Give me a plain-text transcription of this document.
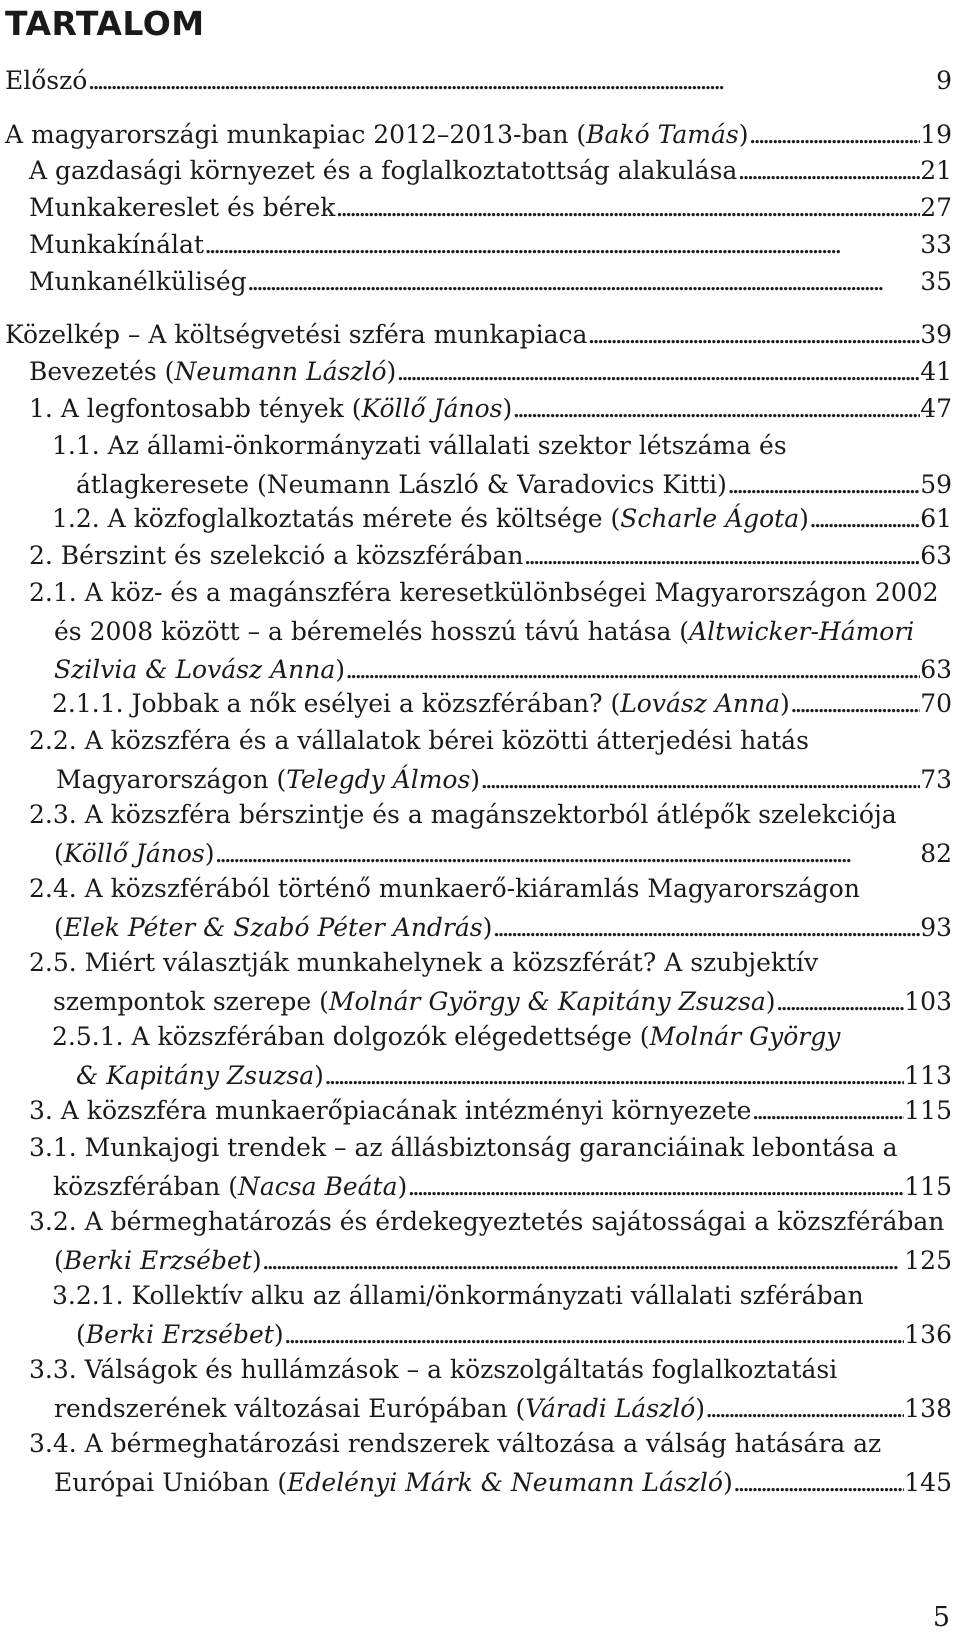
TARTALOM
Előszó . . .	9
A magyarországi munkapiac 2012–2013-ban (Bakó Tamás) . . .	19
A gazdasági környezet és a foglalkoztatottság alakulása . . .	21
Munkakereslet és bérek . . .	27
Munkakínálat . . .	33
Munkanélküliség . . .	35
Közelkép – A költségvetési szféra munkapiaca . . .	39
Bevezetés (Neumann László) . . .	41
1. A legfontosabb tények (Köllő János) . . .	47
1.1. Az állami-önkormányzati vállalati szektor létszáma és
átlagkeresete (Neumann László & Varadovics Kitti) . . .	59
1.2. A közfoglalkoztatás mérete és költsége (Scharle Ágota) . . .	61
2. Bérszint és szelekció a közszférában . . .	63
2.1. A köz- és a magánszféra keresetkülönbségei Magyarországon 2002
és 2008 között – a béremelés hosszú távú hatása (Altwicker-Hámori
Szilvia & Lovász Anna) . . .	63
2.1.1. Jobbak a nők esélyei a közszférában? (Lovász Anna) . . .	70
2.2. A közszféra és a vállalatok bérei közötti átterjedési hatás
Magyarországon (Telegdy Álmos) . . .	73
2.3. A közszféra bérszintje és a magánszektorból átlépők szelekciója
(Köllő János) . . .	82
2.4. A közszférából történő munkaerő-kiáramlás Magyarországon
(Elek Péter & Szabó Péter András) . . .	93
2.5. Miért választják munkahelynek a közszférát? A szubjektív
szempontok szerepe (Molnár György & Kapitány Zsuzsa) . . .	103
2.5.1. A közszférában dolgozók elégedettsége (Molnár György
& Kapitány Zsuzsa) . . .	113
3. A közszféra munkaerőpiacának intézményi környezete . . .	115
3.1. Munkajogi trendek – az állásbiztonság garanciáinak lebontása a
közszférában (Nacsa Beáta) . . .	115
3.2. A bérmeghatározás és érdekegyeztetés sajátosságai a közszférában
(Berki Erzsébet) . . .	125
3.2.1. Kollektív alku az állami/önkormányzati vállalati szférában
(Berki Erzsébet) . . .	136
3.3. Válságok és hullámzások – a közszolgáltatás foglalkoztatási
rendszerének változásai Európában (Váradi László) . . .	138
3.4. A bérmeghatározási rendszerek változása a válság hatására az
Európai Unióban (Edelényi Márk & Neumann László) . . .	145
5
